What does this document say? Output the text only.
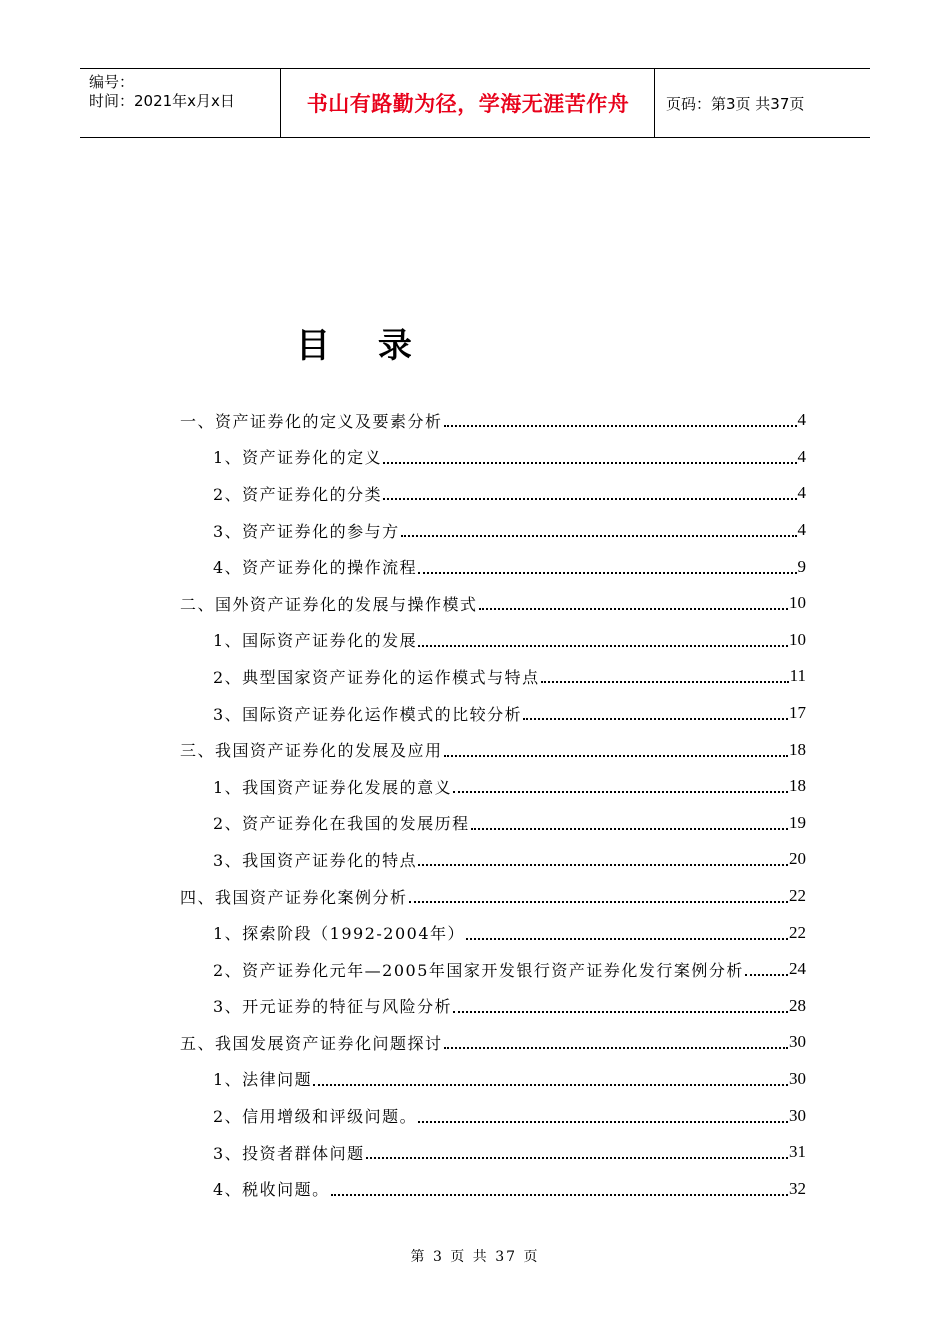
编号：
时间：2021年x月x日	书山有路勤为径，学海无涯苦作舟	页码：第3页 共37页
目 录
一、资产证券化的定义及要素分析	4
1、资产证券化的定义	4
2、资产证券化的分类	4
3、资产证券化的参与方	4
4、资产证券化的操作流程	9
二、国外资产证券化的发展与操作模式	10
1、国际资产证券化的发展	10
2、典型国家资产证券化的运作模式与特点	11
3、国际资产证券化运作模式的比较分析	17
三、我国资产证券化的发展及应用	18
1、我国资产证券化发展的意义	18
2、资产证券化在我国的发展历程	19
3、我国资产证券化的特点	20
四、我国资产证券化案例分析	22
1、探索阶段（1992-2004年）	22
2、资产证券化元年—2005年国家开发银行资产证券化发行案例分析	24
3、开元证券的特征与风险分析	28
五、我国发展资产证券化问题探讨	30
1、法律问题	30
2、信用增级和评级问题。	30
3、投资者群体问题	31
4、税收问题。	32
第 3 页 共 37 页
